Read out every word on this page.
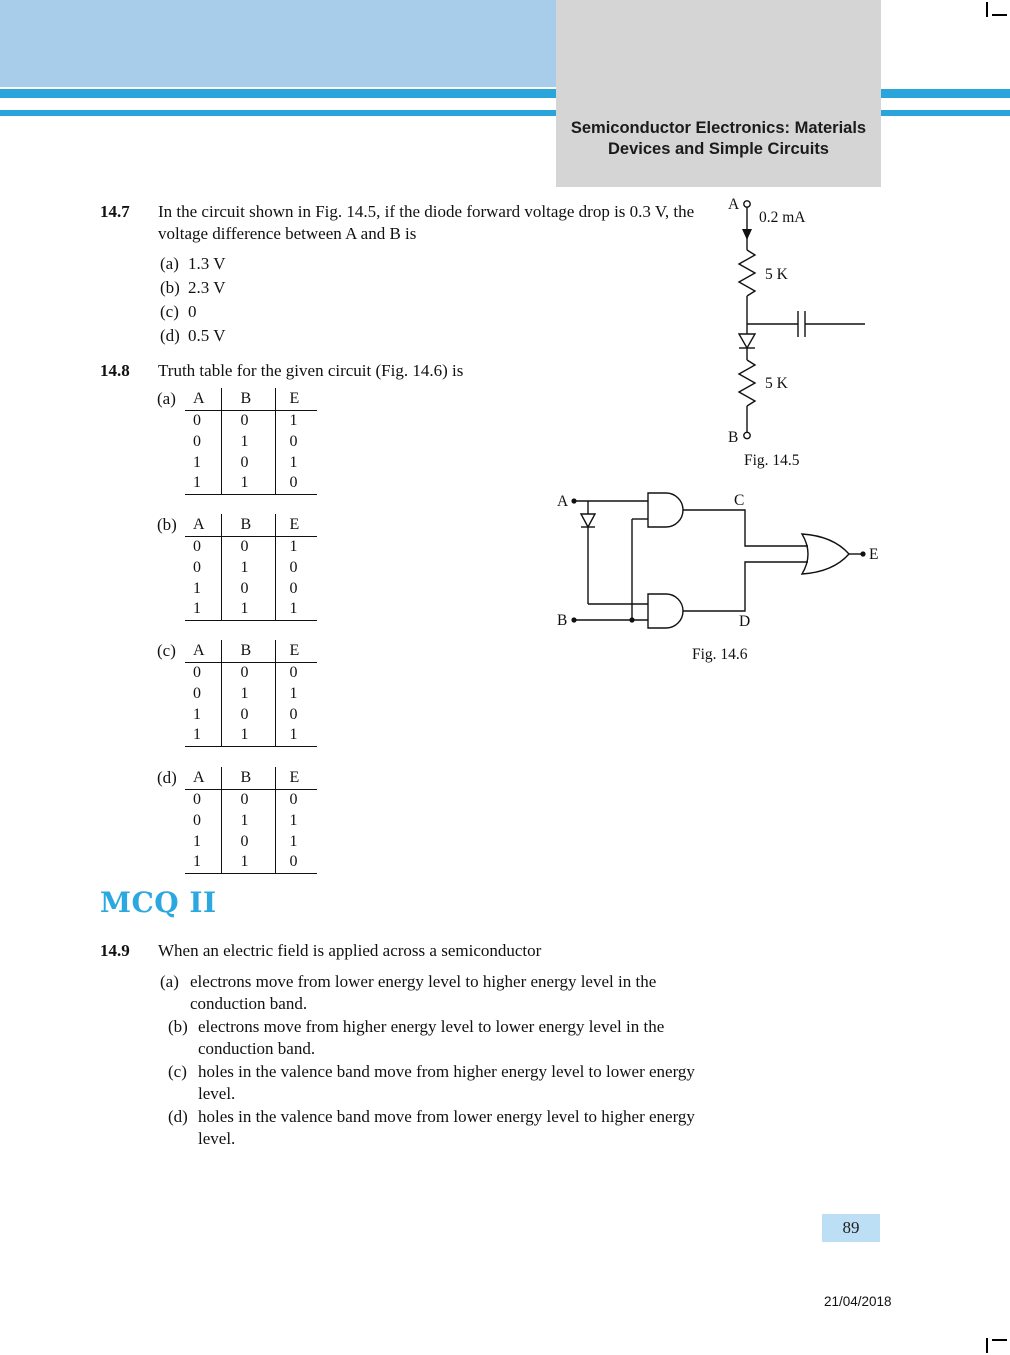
Semiconductor Electronics: Materials
Devices and Simple Circuits
14.7	In the circuit shown in Fig. 14.5, if the diode forward voltage drop is 0.3 V, the voltage difference between A and B is
(a) 1.3 V
(b) 2.3 V
(c) 0
(d) 0.5 V
A
0.2 mA
5 K
5 K
B
Fig. 14.5
14.8	Truth table for the given circuit (Fig. 14.6) is
(a)	A	B	E
0	0	1
0	1	0
1	0	1
1	1	0
(b)	A	B	E
0	0	1
0	1	0
1	0	0
1	1	1
(c)	A	B	E
0	0	0
0	1	1
1	0	0
1	1	1
(d)	A	B	E
0	0	0
0	1	1
1	0	1
1	1	0
A
B
C
D
E
Fig. 14.6
MCQ II
14.9	When an electric field is applied across a semiconductor
(a) electrons move from lower energy level to higher energy level in the conduction band.
(b) electrons move from higher energy level to lower energy level in the conduction band.
(c) holes in the valence band move from higher energy level to lower energy level.
(d) holes in the valence band move from lower energy level to higher energy level.
89
21/04/2018
